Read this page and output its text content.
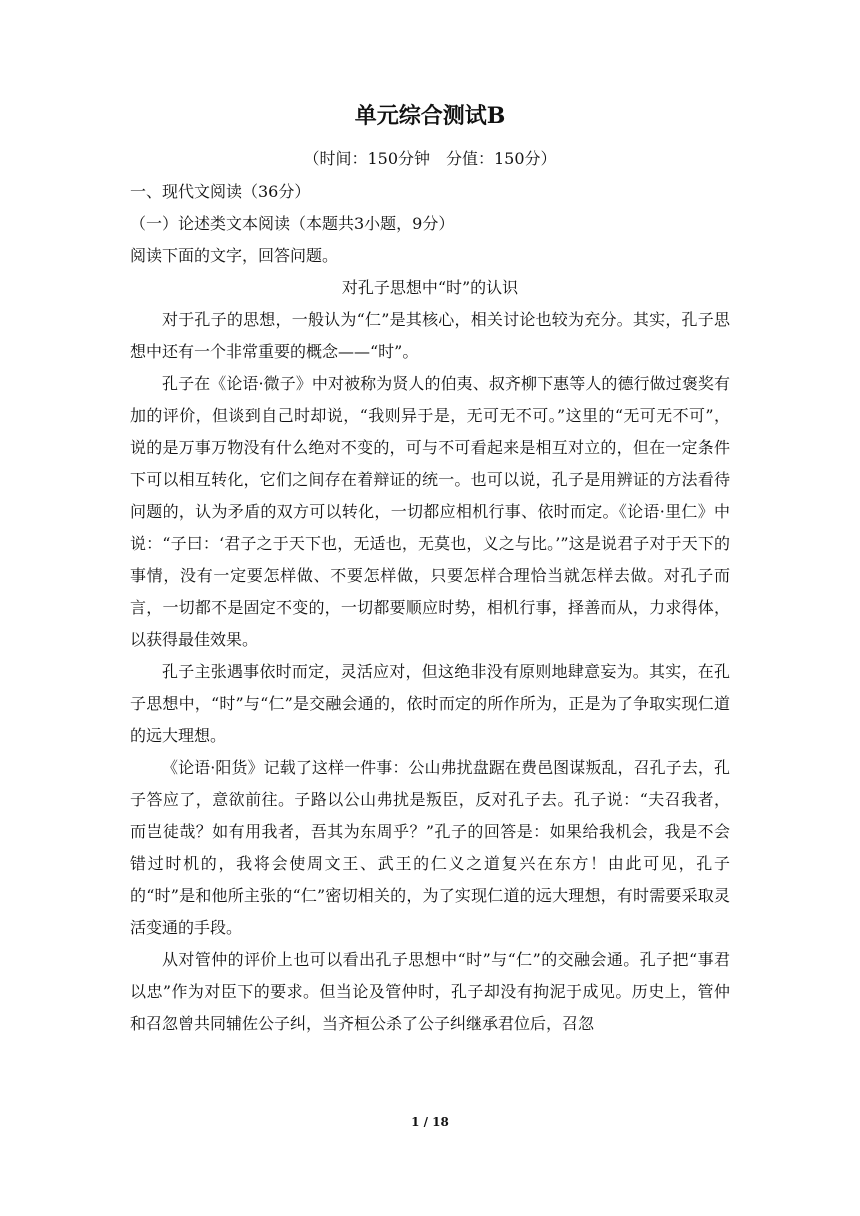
单元综合测试B
（时间：150分钟　分值：150分）

一、现代文阅读（36分）

（一）论述类文本阅读（本题共3小题，9分）

阅读下面的文字，回答问题。

对孔子思想中“时”的认识

对于孔子的思想，一般认为“仁”是其核心，相关讨论也较为充分。其实，孔子思想中还有一个非常重要的概念——“时”。

孔子在《论语·微子》中对被称为贤人的伯夷、叔齐柳下惠等人的德行做过褒奖有加的评价，但谈到自己时却说，“我则异于是，无可无不可。”这里的“无可无不可”，说的是万事万物没有什么绝对不变的，可与不可看起来是相互对立的，但在一定条件下可以相互转化，它们之间存在着辩证的统一。也可以说，孔子是用辨证的方法看待问题的，认为矛盾的双方可以转化，一切都应相机行事、依时而定。《论语·里仁》中说：“子曰：‘君子之于天下也，无适也，无莫也，义之与比。’”这是说君子对于天下的事情，没有一定要怎样做、不要怎样做，只要怎样合理恰当就怎样去做。对孔子而言，一切都不是固定不变的，一切都要顺应时势，相机行事，择善而从，力求得体，以获得最佳效果。

孔子主张遇事依时而定，灵活应对，但这绝非没有原则地肆意妄为。其实，在孔子思想中，“时”与“仁”是交融会通的，依时而定的所作所为，正是为了争取实现仁道的远大理想。

《论语·阳货》记载了这样一件事：公山弗扰盘踞在费邑图谋叛乱，召孔子去，孔子答应了，意欲前往。子路以公山弗扰是叛臣，反对孔子去。孔子说：“夫召我者，而岂徒哉？如有用我者，吾其为东周乎？”孔子的回答是：如果给我机会，我是不会错过时机的，我将会使周文王、武王的仁义之道复兴在东方！由此可见，孔子的“时”是和他所主张的“仁”密切相关的，为了实现仁道的远大理想，有时需要采取灵活变通的手段。

从对管仲的评价上也可以看出孔子思想中“时”与“仁”的交融会通。孔子把“事君以忠”作为对臣下的要求。但当论及管仲时，孔子却没有拘泥于成见。历史上，管仲和召忽曾共同辅佐公子纠，当齐桓公杀了公子纠继承君位后，召忽

1 / 18
